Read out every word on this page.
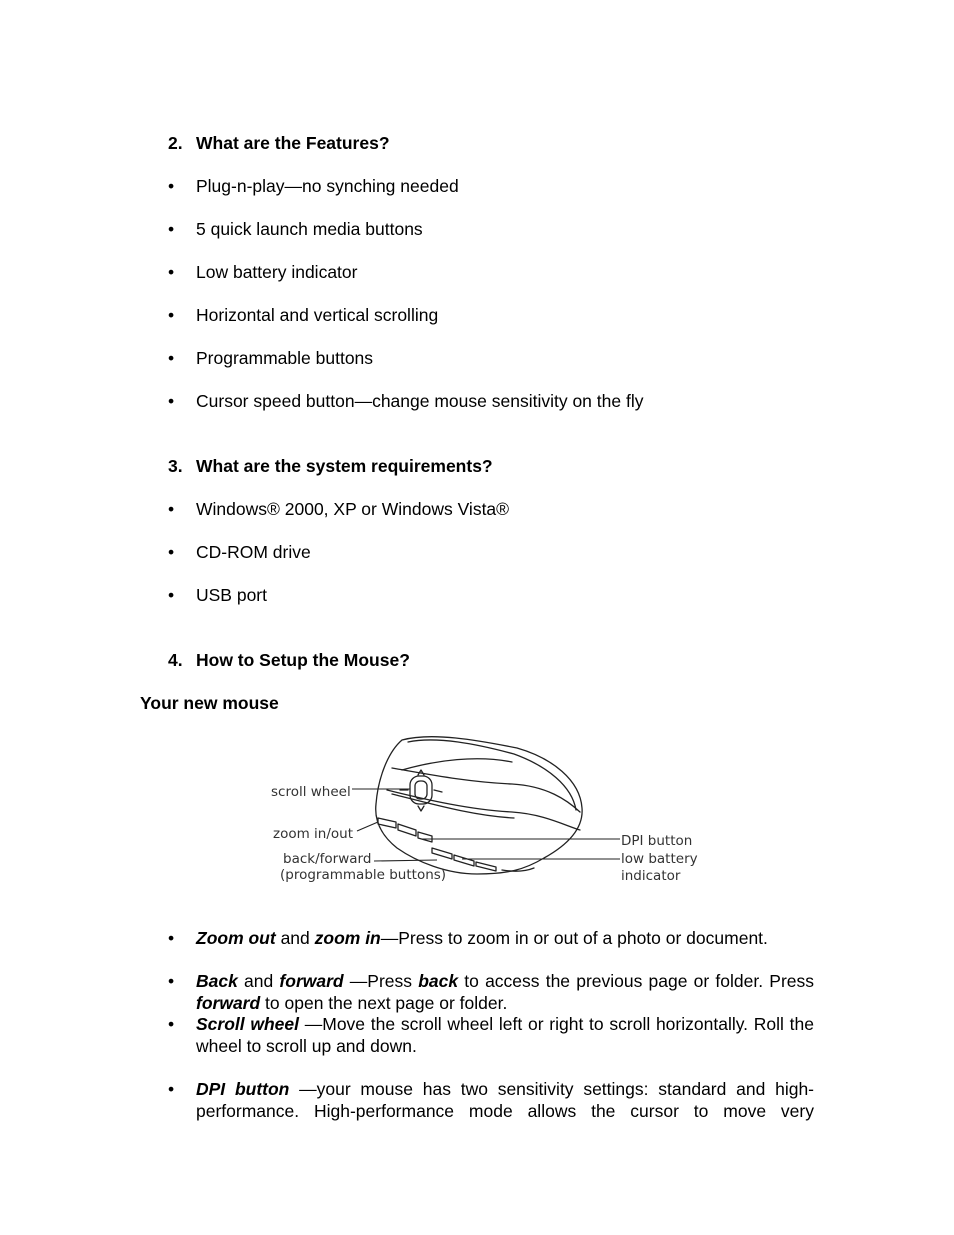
2. What are the Features?
• Plug-n-play—no synching needed
• 5 quick launch media buttons
• Low battery indicator
• Horizontal and vertical scrolling
• Programmable buttons
• Cursor speed button—change mouse sensitivity on the fly
3. What are the system requirements?
• Windows® 2000, XP or Windows Vista®
• CD-ROM drive
• USB port
4. How to Setup the Mouse?
Your new mouse
scroll wheel
zoom in/out
back/forward
(programmable buttons)
DPI button
low battery
indicator
• Zoom out and zoom in—Press to zoom in or out of a photo or document.
• Back and forward —Press back to access the previous page or folder. Press forward to open the next page or folder.
• Scroll wheel —Move the scroll wheel left or right to scroll horizontally. Roll the wheel to scroll up and down.
• DPI button —your mouse has two sensitivity settings: standard and high-performance. High-performance mode allows the cursor to move very
